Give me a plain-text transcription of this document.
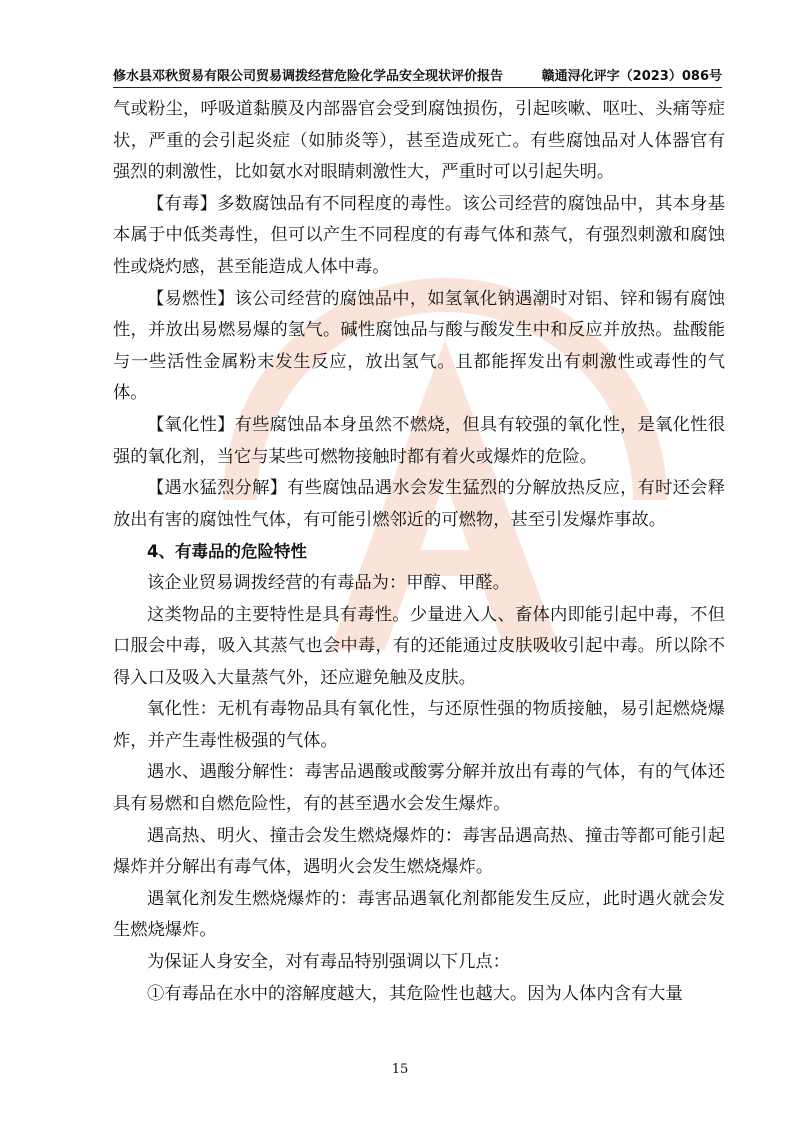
修水县邓秋贸易有限公司贸易调拨经营危险化学品安全现状评价报告	赣通浔化评字（2023）086号

气或粉尘，呼吸道黏膜及内部器官会受到腐蚀损伤，引起咳嗽、呕吐、头痛等症状，严重的会引起炎症（如肺炎等），甚至造成死亡。有些腐蚀品对人体器官有强烈的刺激性，比如氨水对眼睛刺激性大，严重时可以引起失明。

【有毒】多数腐蚀品有不同程度的毒性。该公司经营的腐蚀品中，其本身基本属于中低类毒性，但可以产生不同程度的有毒气体和蒸气，有强烈刺激和腐蚀性或烧灼感，甚至能造成人体中毒。

【易燃性】该公司经营的腐蚀品中，如氢氧化钠遇潮时对铝、锌和锡有腐蚀性，并放出易燃易爆的氢气。碱性腐蚀品与酸与酸发生中和反应并放热。盐酸能与一些活性金属粉末发生反应，放出氢气。且都能挥发出有刺激性或毒性的气体。

【氧化性】有些腐蚀品本身虽然不燃烧，但具有较强的氧化性，是氧化性很强的氧化剂，当它与某些可燃物接触时都有着火或爆炸的危险。

【遇水猛烈分解】有些腐蚀品遇水会发生猛烈的分解放热反应，有时还会释放出有害的腐蚀性气体，有可能引燃邻近的可燃物，甚至引发爆炸事故。

4、有毒品的危险特性

该企业贸易调拨经营的有毒品为：甲醇、甲醛。

这类物品的主要特性是具有毒性。少量进入人、畜体内即能引起中毒，不但口服会中毒，吸入其蒸气也会中毒，有的还能通过皮肤吸收引起中毒。所以除不得入口及吸入大量蒸气外，还应避免触及皮肤。

氧化性：无机有毒物品具有氧化性，与还原性强的物质接触，易引起燃烧爆炸，并产生毒性极强的气体。

遇水、遇酸分解性：毒害品遇酸或酸雾分解并放出有毒的气体，有的气体还具有易燃和自燃危险性，有的甚至遇水会发生爆炸。

遇高热、明火、撞击会发生燃烧爆炸的：毒害品遇高热、撞击等都可能引起爆炸并分解出有毒气体，遇明火会发生燃烧爆炸。

遇氧化剂发生燃烧爆炸的：毒害品遇氧化剂都能发生反应，此时遇火就会发生燃烧爆炸。

为保证人身安全，对有毒品特别强调以下几点：

①有毒品在水中的溶解度越大，其危险性也越大。因为人体内含有大量

15
